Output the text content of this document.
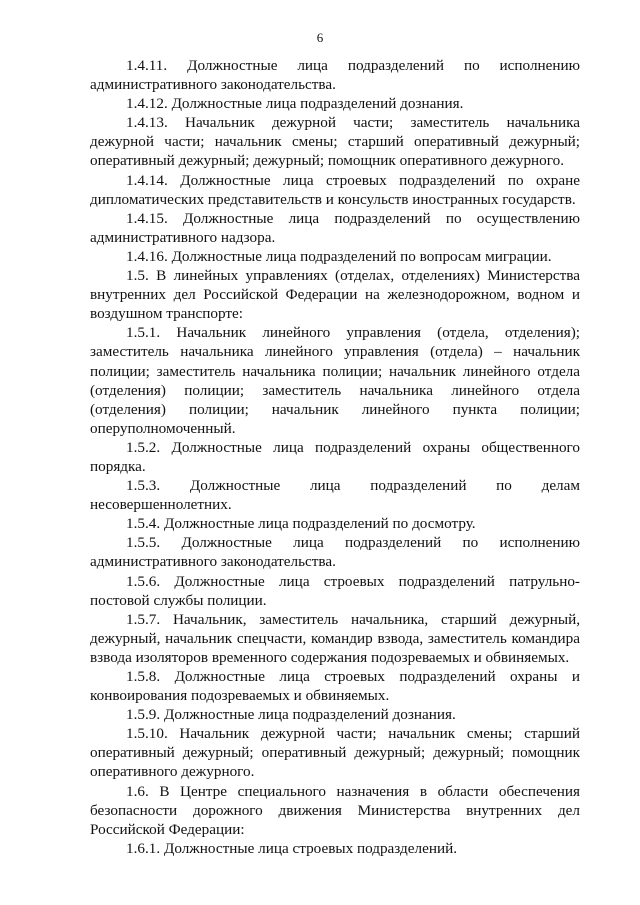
6

1.4.11. Должностные лица подразделений по исполнению административного законодательства.

1.4.12. Должностные лица подразделений дознания.

1.4.13. Начальник дежурной части; заместитель начальника дежурной части; начальник смены; старший оперативный дежурный; оперативный дежурный; дежурный; помощник оперативного дежурного.

1.4.14. Должностные лица строевых подразделений по охране дипломатических представительств и консульств иностранных государств.

1.4.15. Должностные лица подразделений по осуществлению административного надзора.

1.4.16. Должностные лица подразделений по вопросам миграции.

1.5. В линейных управлениях (отделах, отделениях) Министерства внутренних дел Российской Федерации на железнодорожном, водном и воздушном транспорте:

1.5.1. Начальник линейного управления (отдела, отделения); заместитель начальника линейного управления (отдела) – начальник полиции; заместитель начальника полиции; начальник линейного отдела (отделения) полиции; заместитель начальника линейного отдела (отделения) полиции; начальник линейного пункта полиции; оперуполномоченный.

1.5.2. Должностные лица подразделений охраны общественного порядка.

1.5.3. Должностные лица подразделений по делам несовершеннолетних.

1.5.4. Должностные лица подразделений по досмотру.

1.5.5. Должностные лица подразделений по исполнению административного законодательства.

1.5.6. Должностные лица строевых подразделений патрульно-постовой службы полиции.

1.5.7. Начальник, заместитель начальника, старший дежурный, дежурный, начальник спецчасти, командир взвода, заместитель командира взвода изоляторов временного содержания подозреваемых и обвиняемых.

1.5.8. Должностные лица строевых подразделений охраны и конвоирования подозреваемых и обвиняемых.

1.5.9. Должностные лица подразделений дознания.

1.5.10. Начальник дежурной части; начальник смены; старший оперативный дежурный; оперативный дежурный; дежурный; помощник оперативного дежурного.

1.6. В Центре специального назначения в области обеспечения безопасности дорожного движения Министерства внутренних дел Российской Федерации:

1.6.1. Должностные лица строевых подразделений.
